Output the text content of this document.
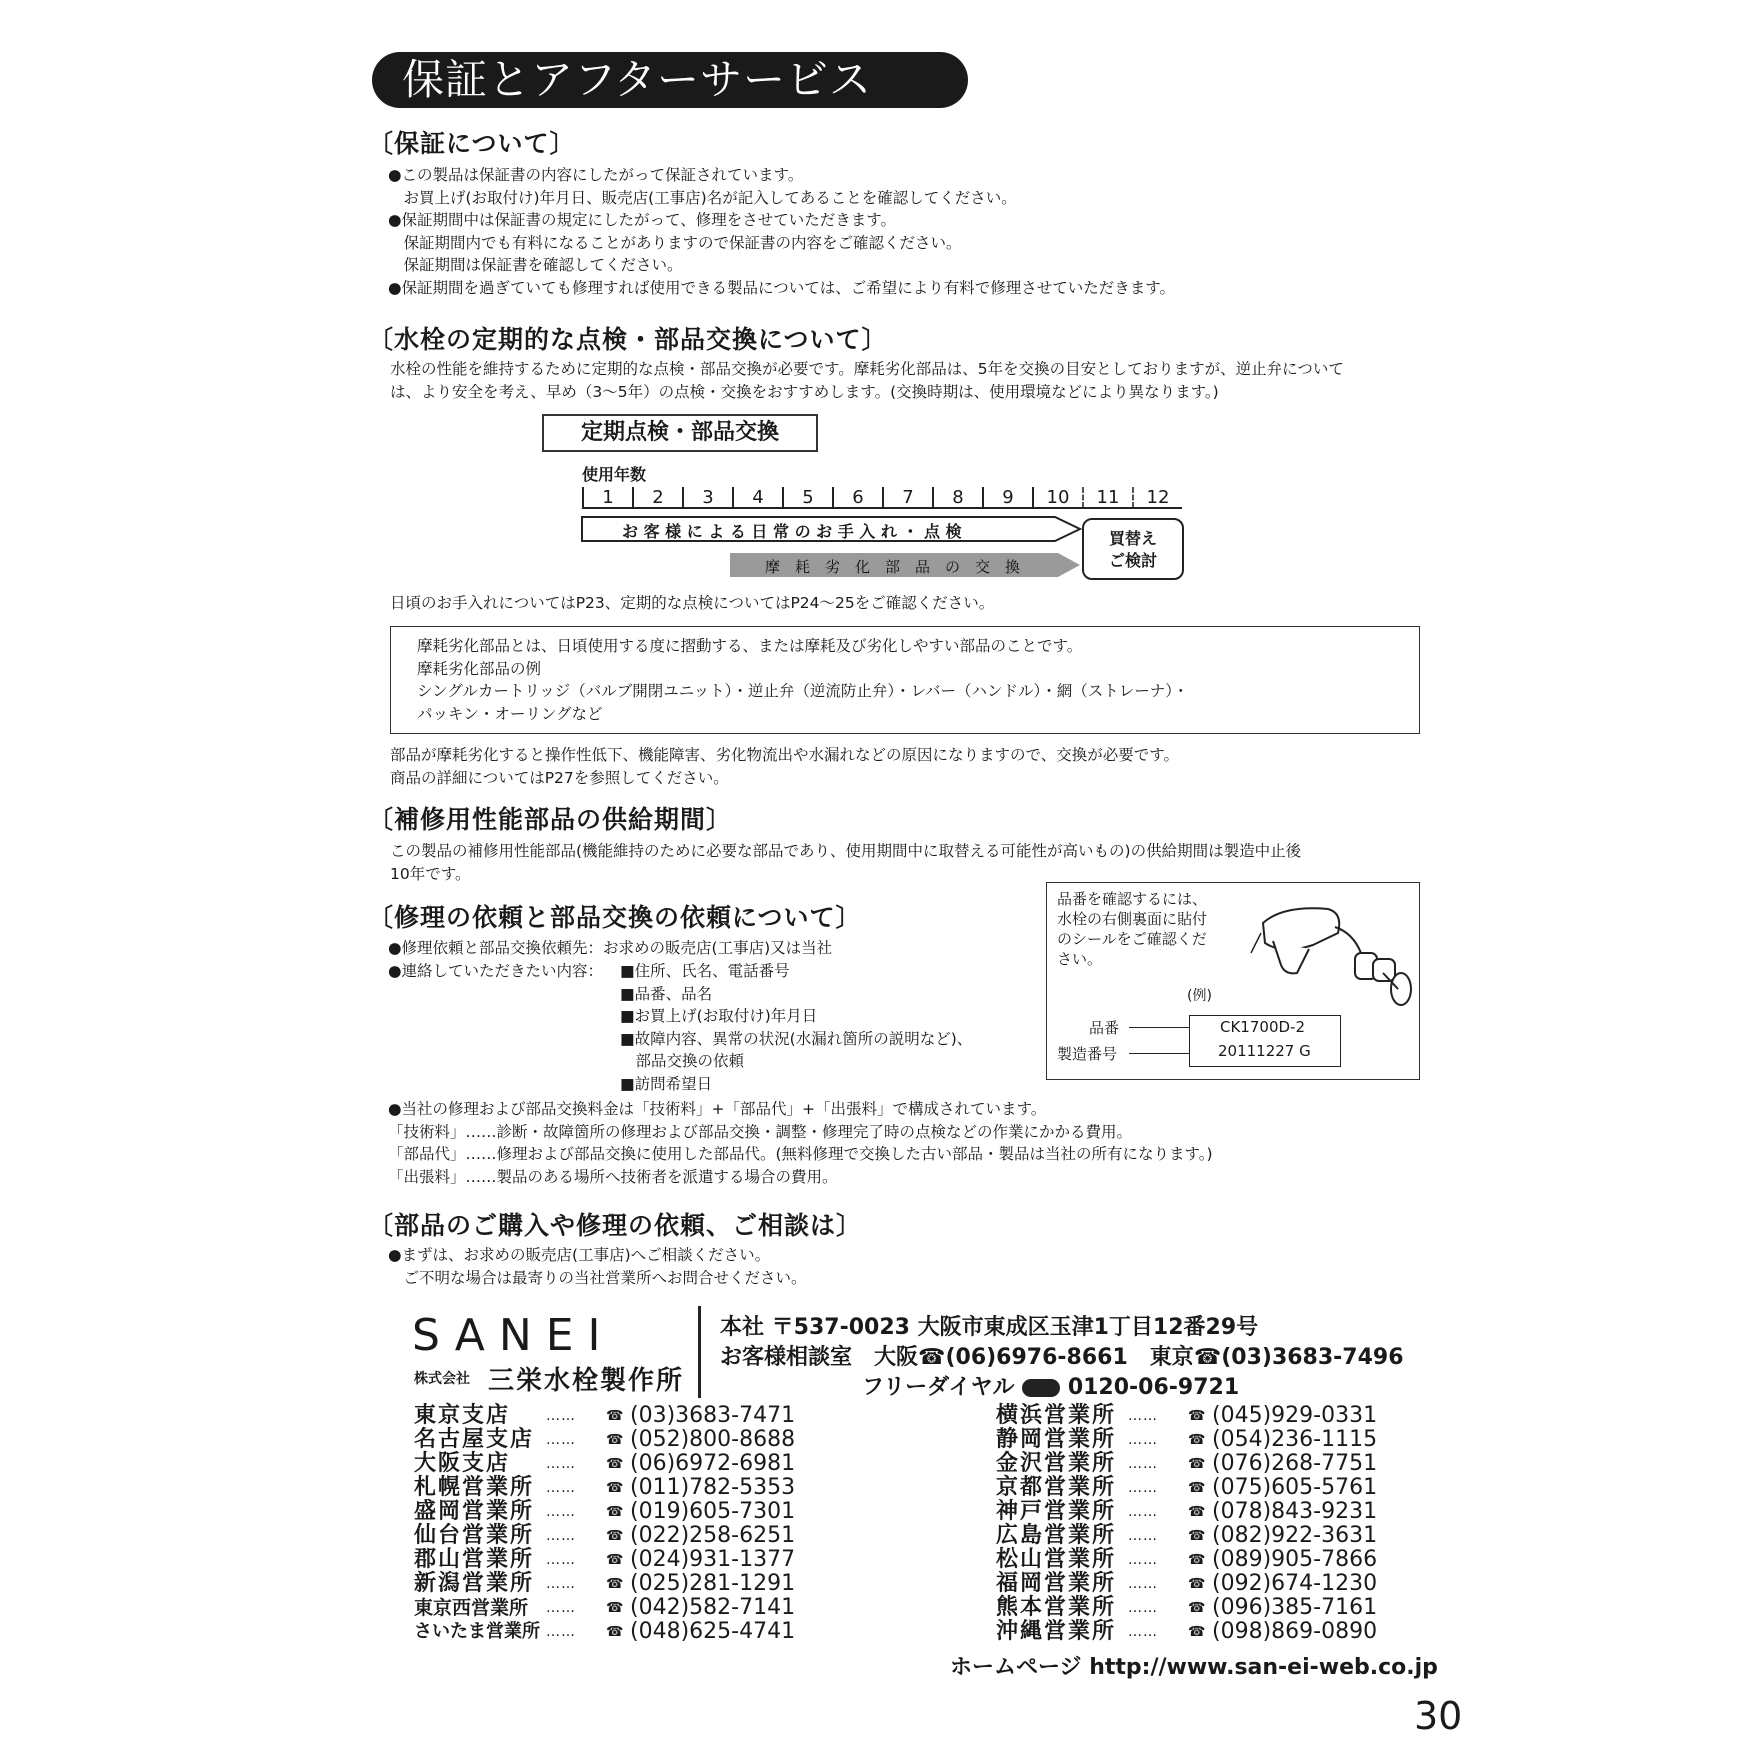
保証とアフターサービス
〔保証について〕
●この製品は保証書の内容にしたがって保証されています。
　お買上げ(お取付け)年月日、販売店(工事店)名が記入してあることを確認してください。
●保証期間中は保証書の規定にしたがって、修理をさせていただきます。
　保証期間内でも有料になることがありますので保証書の内容をご確認ください。
　保証期間は保証書を確認してください。
●保証期間を過ぎていても修理すれば使用できる製品については、ご希望により有料で修理させていただきます。
〔水栓の定期的な点検・部品交換について〕
水栓の性能を維持するために定期的な点検・部品交換が必要です。摩耗劣化部品は、5年を交換の目安としておりますが、逆止弁について
は、より安全を考え、早め（3～5年）の点検・交換をおすすめします。(交換時期は、使用環境などにより異なります。)
定期点検・部品交換
使用年数
1	2	3	4	5	6	7	8	9	10	11	12
お 客 様 に よ る 日 常 の お 手 入 れ ・ 点 検
摩　耗　劣　化　部　品　の　交　換
買替え
ご検討
日頃のお手入れについてはP23、定期的な点検についてはP24～25をご確認ください。
摩耗劣化部品とは、日頃使用する度に摺動する、または摩耗及び劣化しやすい部品のことです。
摩耗劣化部品の例
シングルカートリッジ（バルブ開閉ユニット）・逆止弁（逆流防止弁）・レバー（ハンドル）・網（ストレーナ）・
パッキン・オーリングなど
部品が摩耗劣化すると操作性低下、機能障害、劣化物流出や水漏れなどの原因になりますので、交換が必要です。
商品の詳細についてはP27を参照してください。
〔補修用性能部品の供給期間〕
この製品の補修用性能部品(機能維持のために必要な部品であり、使用期間中に取替える可能性が高いもの)の供給期間は製造中止後
10年です。
〔修理の依頼と部品交換の依頼について〕
●修理依頼と部品交換依頼先：お求めの販売店(工事店)又は当社
●連絡していただきたい内容：	■住所、氏名、電話番号
■品番、品名
■お買上げ(お取付け)年月日
■故障内容、異常の状況(水漏れ箇所の説明など)、
　部品交換の依頼
■訪問希望日
●当社の修理および部品交換料金は「技術料」+「部品代」+「出張料」で構成されています。
「技術料」……診断・故障箇所の修理および部品交換・調整・修理完了時の点検などの作業にかかる費用。
「部品代」……修理および部品交換に使用した部品代。(無料修理で交換した古い部品・製品は当社の所有になります。)
「出張料」……製品のある場所へ技術者を派遣する場合の費用。
品番を確認するには、
水栓の右側裏面に貼付
のシールをご確認くだ
さい。
(例)
品番
製造番号
CK1700D-2
20111227 G
〔部品のご購入や修理の依頼、ご相談は〕
●まずは、お求めの販売店(工事店)へご相談ください。
　ご不明な場合は最寄りの当社営業所へお問合せください。
SANEI
株式会社 三栄水栓製作所
本社 〒537-0023 大阪市東成区玉津1丁目12番29号
お客様相談室　 大阪☎(06)6976-8661　 東京☎(03)3683-7496
フリーダイヤル 0120-06-9721
東京支店	……	☎	(03)3683-7471
名古屋支店	……	☎	(052)800-8688
大阪支店	……	☎	(06)6972-6981
札幌営業所	……	☎	(011)782-5353
盛岡営業所	……	☎	(019)605-7301
仙台営業所	……	☎	(022)258-6251
郡山営業所	……	☎	(024)931-1377
新潟営業所	……	☎	(025)281-1291
東京西営業所	……	☎	(042)582-7141
さいたま営業所	……	☎	(048)625-4741
横浜営業所	……	☎	(045)929-0331
静岡営業所	……	☎	(054)236-1115
金沢営業所	……	☎	(076)268-7751
京都営業所	……	☎	(075)605-5761
神戸営業所	……	☎	(078)843-9231
広島営業所	……	☎	(082)922-3631
松山営業所	……	☎	(089)905-7866
福岡営業所	……	☎	(092)674-1230
熊本営業所	……	☎	(096)385-7161
沖縄営業所	……	☎	(098)869-0890
ホームページ http://www.san-ei-web.co.jp
30
